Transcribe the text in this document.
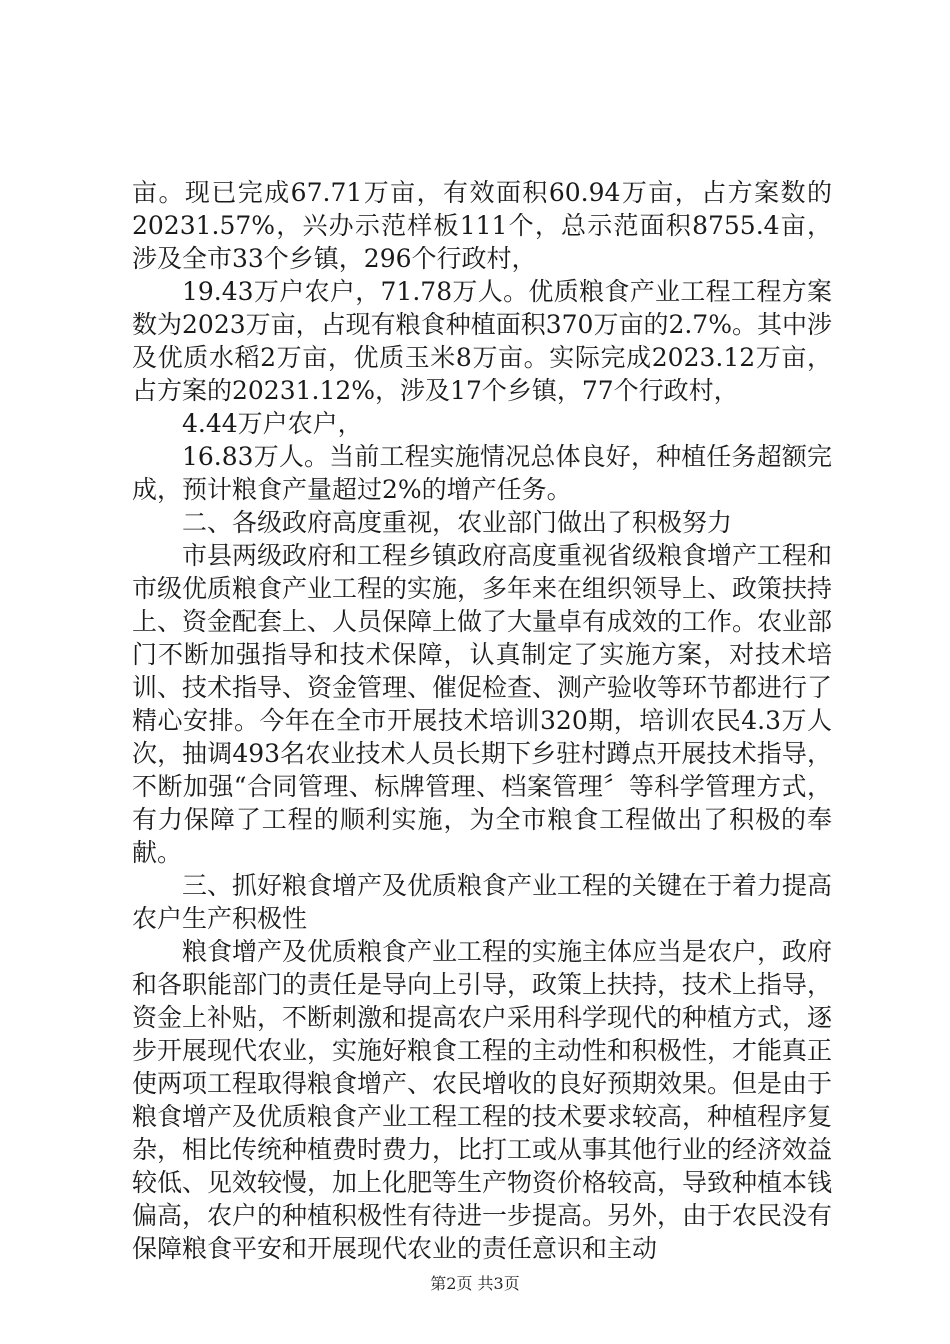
亩。现已完成67.71万亩，有效面积60.94万亩，占方案数的20231.57%，兴办示范样板111个，总示范面积8755.4亩，涉及全市33个乡镇，296个行政村，

19.43万户农户，71.78万人。优质粮食产业工程工程方案数为2023万亩，占现有粮食种植面积370万亩的2.7%。其中涉及优质水稻2万亩，优质玉米8万亩。实际完成2023.12万亩，占方案的20231.12%，涉及17个乡镇，77个行政村，

4.44万户农户，

16.83万人。当前工程实施情况总体良好，种植任务超额完成，预计粮食产量超过2%的增产任务。

二、各级政府高度重视，农业部门做出了积极努力

市县两级政府和工程乡镇政府高度重视省级粮食增产工程和市级优质粮食产业工程的实施，多年来在组织领导上、政策扶持上、资金配套上、人员保障上做了大量卓有成效的工作。农业部门不断加强指导和技术保障，认真制定了实施方案，对技术培训、技术指导、资金管理、催促检查、测产验收等环节都进行了精心安排。今年在全市开展技术培训320期，培训农民4.3万人次，抽调493名农业技术人员长期下乡驻村蹲点开展技术指导，不断加强“合同管理、标牌管理、档案管理〞等科学管理方式，有力保障了工程的顺利实施，为全市粮食工程做出了积极的奉献。

三、抓好粮食增产及优质粮食产业工程的关键在于着力提高农户生产积极性

粮食增产及优质粮食产业工程的实施主体应当是农户，政府和各职能部门的责任是导向上引导，政策上扶持，技术上指导，资金上补贴，不断刺激和提高农户采用科学现代的种植方式，逐步开展现代农业，实施好粮食工程的主动性和积极性，才能真正使两项工程取得粮食增产、农民增收的良好预期效果。但是由于粮食增产及优质粮食产业工程工程的技术要求较高，种植程序复杂，相比传统种植费时费力，比打工或从事其他行业的经济效益较低、见效较慢，加上化肥等生产物资价格较高，导致种植本钱偏高，农户的种植积极性有待进一步提高。另外，由于农民没有保障粮食平安和开展现代农业的责任意识和主动

第2页 共3页
